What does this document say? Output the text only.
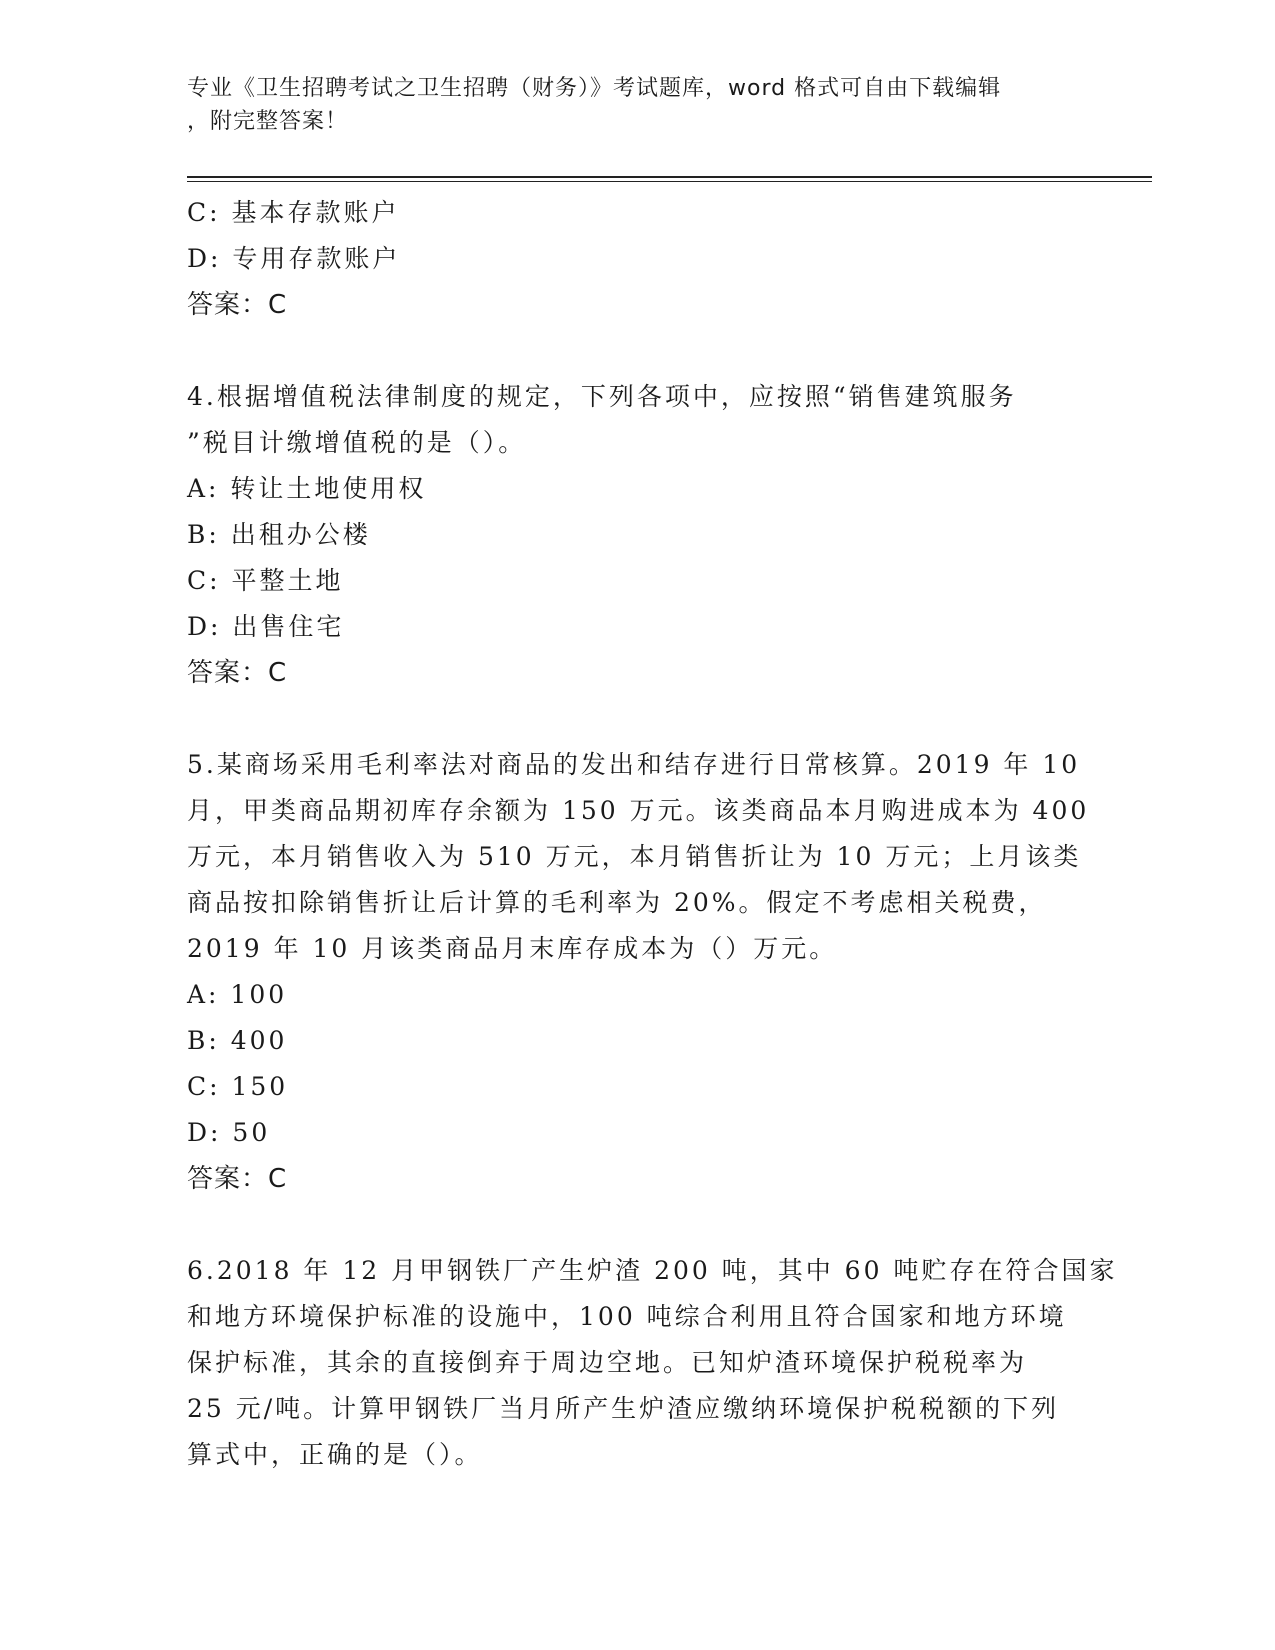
专业《卫生招聘考试之卫生招聘（财务）》考试题库，word 格式可自由下载编辑
，附完整答案！
C: 基本存款账户
D: 专用存款账户
答案：C
4.根据增值税法律制度的规定，下列各项中，应按照“销售建筑服务
”税目计缴增值税的是（）。
A: 转让土地使用权
B: 出租办公楼
C: 平整土地
D: 出售住宅
答案：C
5.某商场采用毛利率法对商品的发出和结存进行日常核算。2019 年 10
月，甲类商品期初库存余额为 150 万元。该类商品本月购进成本为 400
万元，本月销售收入为 510 万元，本月销售折让为 10 万元；上月该类
商品按扣除销售折让后计算的毛利率为 20%。假定不考虑相关税费，
2019 年 10 月该类商品月末库存成本为（）万元。
A: 100
B: 400
C: 150
D: 50
答案：C
6.2018 年 12 月甲钢铁厂产生炉渣 200 吨，其中 60 吨贮存在符合国家
和地方环境保护标准的设施中，100 吨综合利用且符合国家和地方环境
保护标准，其余的直接倒弃于周边空地。已知炉渣环境保护税税率为
25 元/吨。计算甲钢铁厂当月所产生炉渣应缴纳环境保护税税额的下列
算式中，正确的是（）。
